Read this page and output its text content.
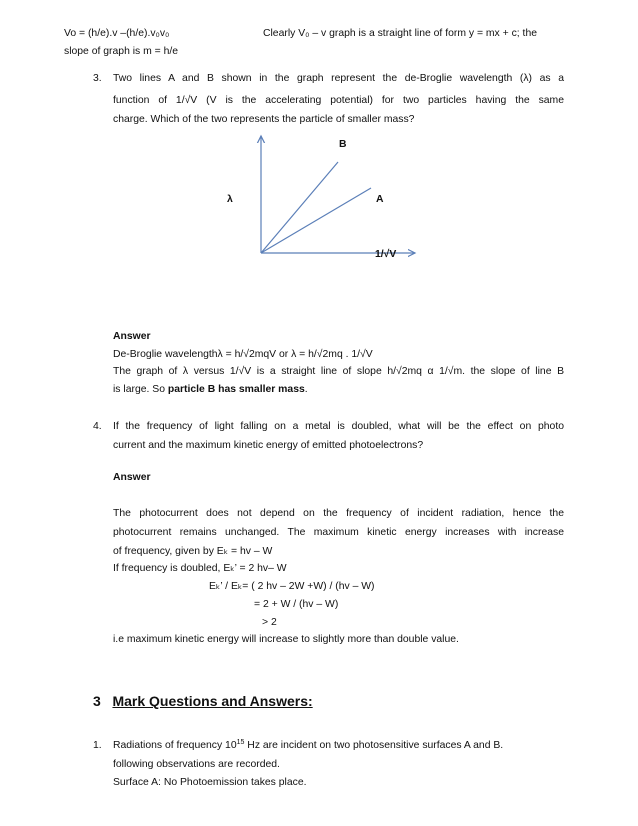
Vo = (h/e).v –(h/e).v₀v₀	Clearly V₀ – v graph is a straight line of form y = mx + c; the
slope of graph is m = h/e
3. Two lines A and B shown in the graph represent the de-Broglie wavelength (λ) as a
function of 1/√V (V is the accelerating potential) for two particles having the same
charge. Which of the two represents the particle of smaller mass?
B
A
λ
1/√V
Answer
De-Broglie wavelengthλ = h/√2mqV or λ = h/√2mq . 1/√V
The graph of λ versus 1/√V is a straight line of slope h/√2mq α 1/√m. the slope of line B
is large. So particle B has smaller mass.
4. If the frequency of light falling on a metal is doubled, what will be the effect on photo
current and the maximum kinetic energy of emitted photoelectrons?
Answer
The photocurrent does not depend on the frequency of incident radiation, hence the
photocurrent remains unchanged. The maximum kinetic energy increases with increase
of frequency, given by Eₖ = hv – W
If frequency is doubled, Eₖ’ = 2 hv– W
Eₖ’ / Eₖ= ( 2 hv – 2W +W) / (hv – W)
= 2 + W / (hv – W)
> 2
i.e maximum kinetic energy will increase to slightly more than double value.
3 Mark Questions and Answers:
1. Radiations of frequency $10^{15}$ Hz are incident on two photosensitive surfaces A and B.
following observations are recorded.
Surface A: No Photoemission takes place.
